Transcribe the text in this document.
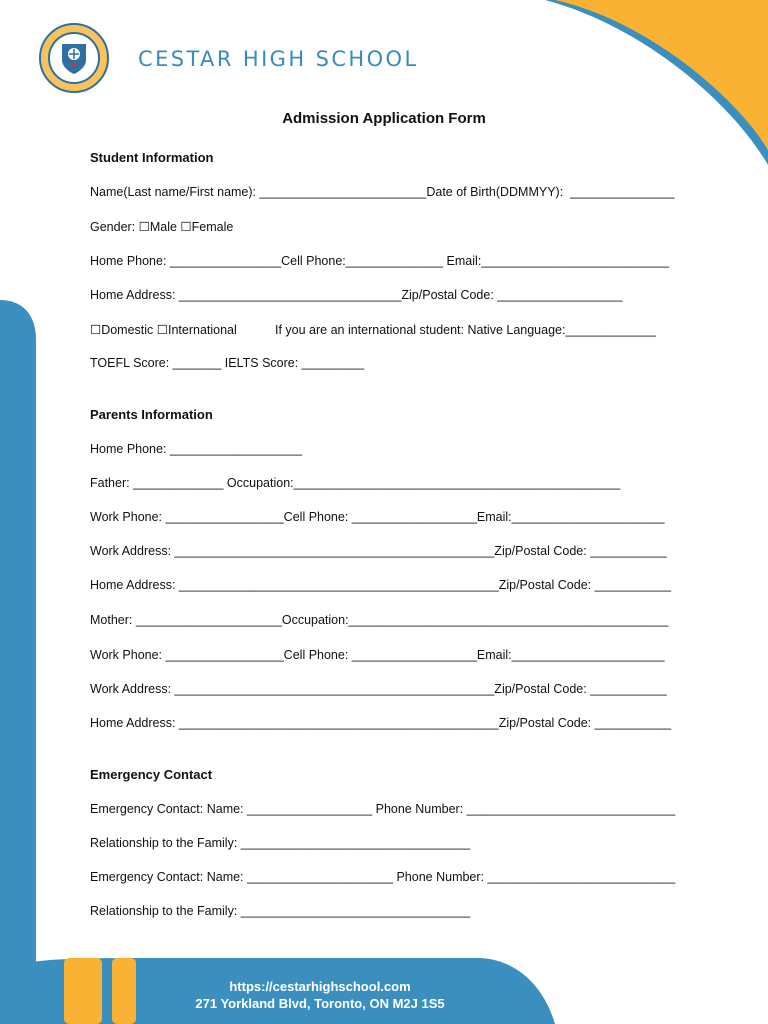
CESTAR HIGH SCHOOL
Admission Application Form
Student Information
Name(Last name/First name): ________________________Date of Birth(DDMMYY):  _______________
Gender: ☐Male ☐Female
Home Phone: ________________Cell Phone:______________ Email:___________________________
Home Address: ________________________________Zip/Postal Code: __________________
☐Domestic ☐International           If you are an international student: Native Language:_____________
TOEFL Score: _______ IELTS Score: _________
Parents Information
Home Phone: ___________________
Father: _____________ Occupation:_______________________________________________
Work Phone: _________________Cell Phone: __________________Email:______________________
Work Address: ______________________________________________Zip/Postal Code: ___________
Home Address: ______________________________________________Zip/Postal Code: ___________
Mother: _____________________Occupation:______________________________________________
Work Phone: _________________Cell Phone: __________________Email:______________________
Work Address: ______________________________________________Zip/Postal Code: ___________
Home Address: ______________________________________________Zip/Postal Code: ___________
Emergency Contact
Emergency Contact: Name: __________________ Phone Number: ______________________________
Relationship to the Family: _________________________________
Emergency Contact: Name: _____________________ Phone Number: ___________________________
Relationship to the Family: _________________________________
https://cestarhighschool.com
271 Yorkland Blvd, Toronto, ON M2J 1S5
